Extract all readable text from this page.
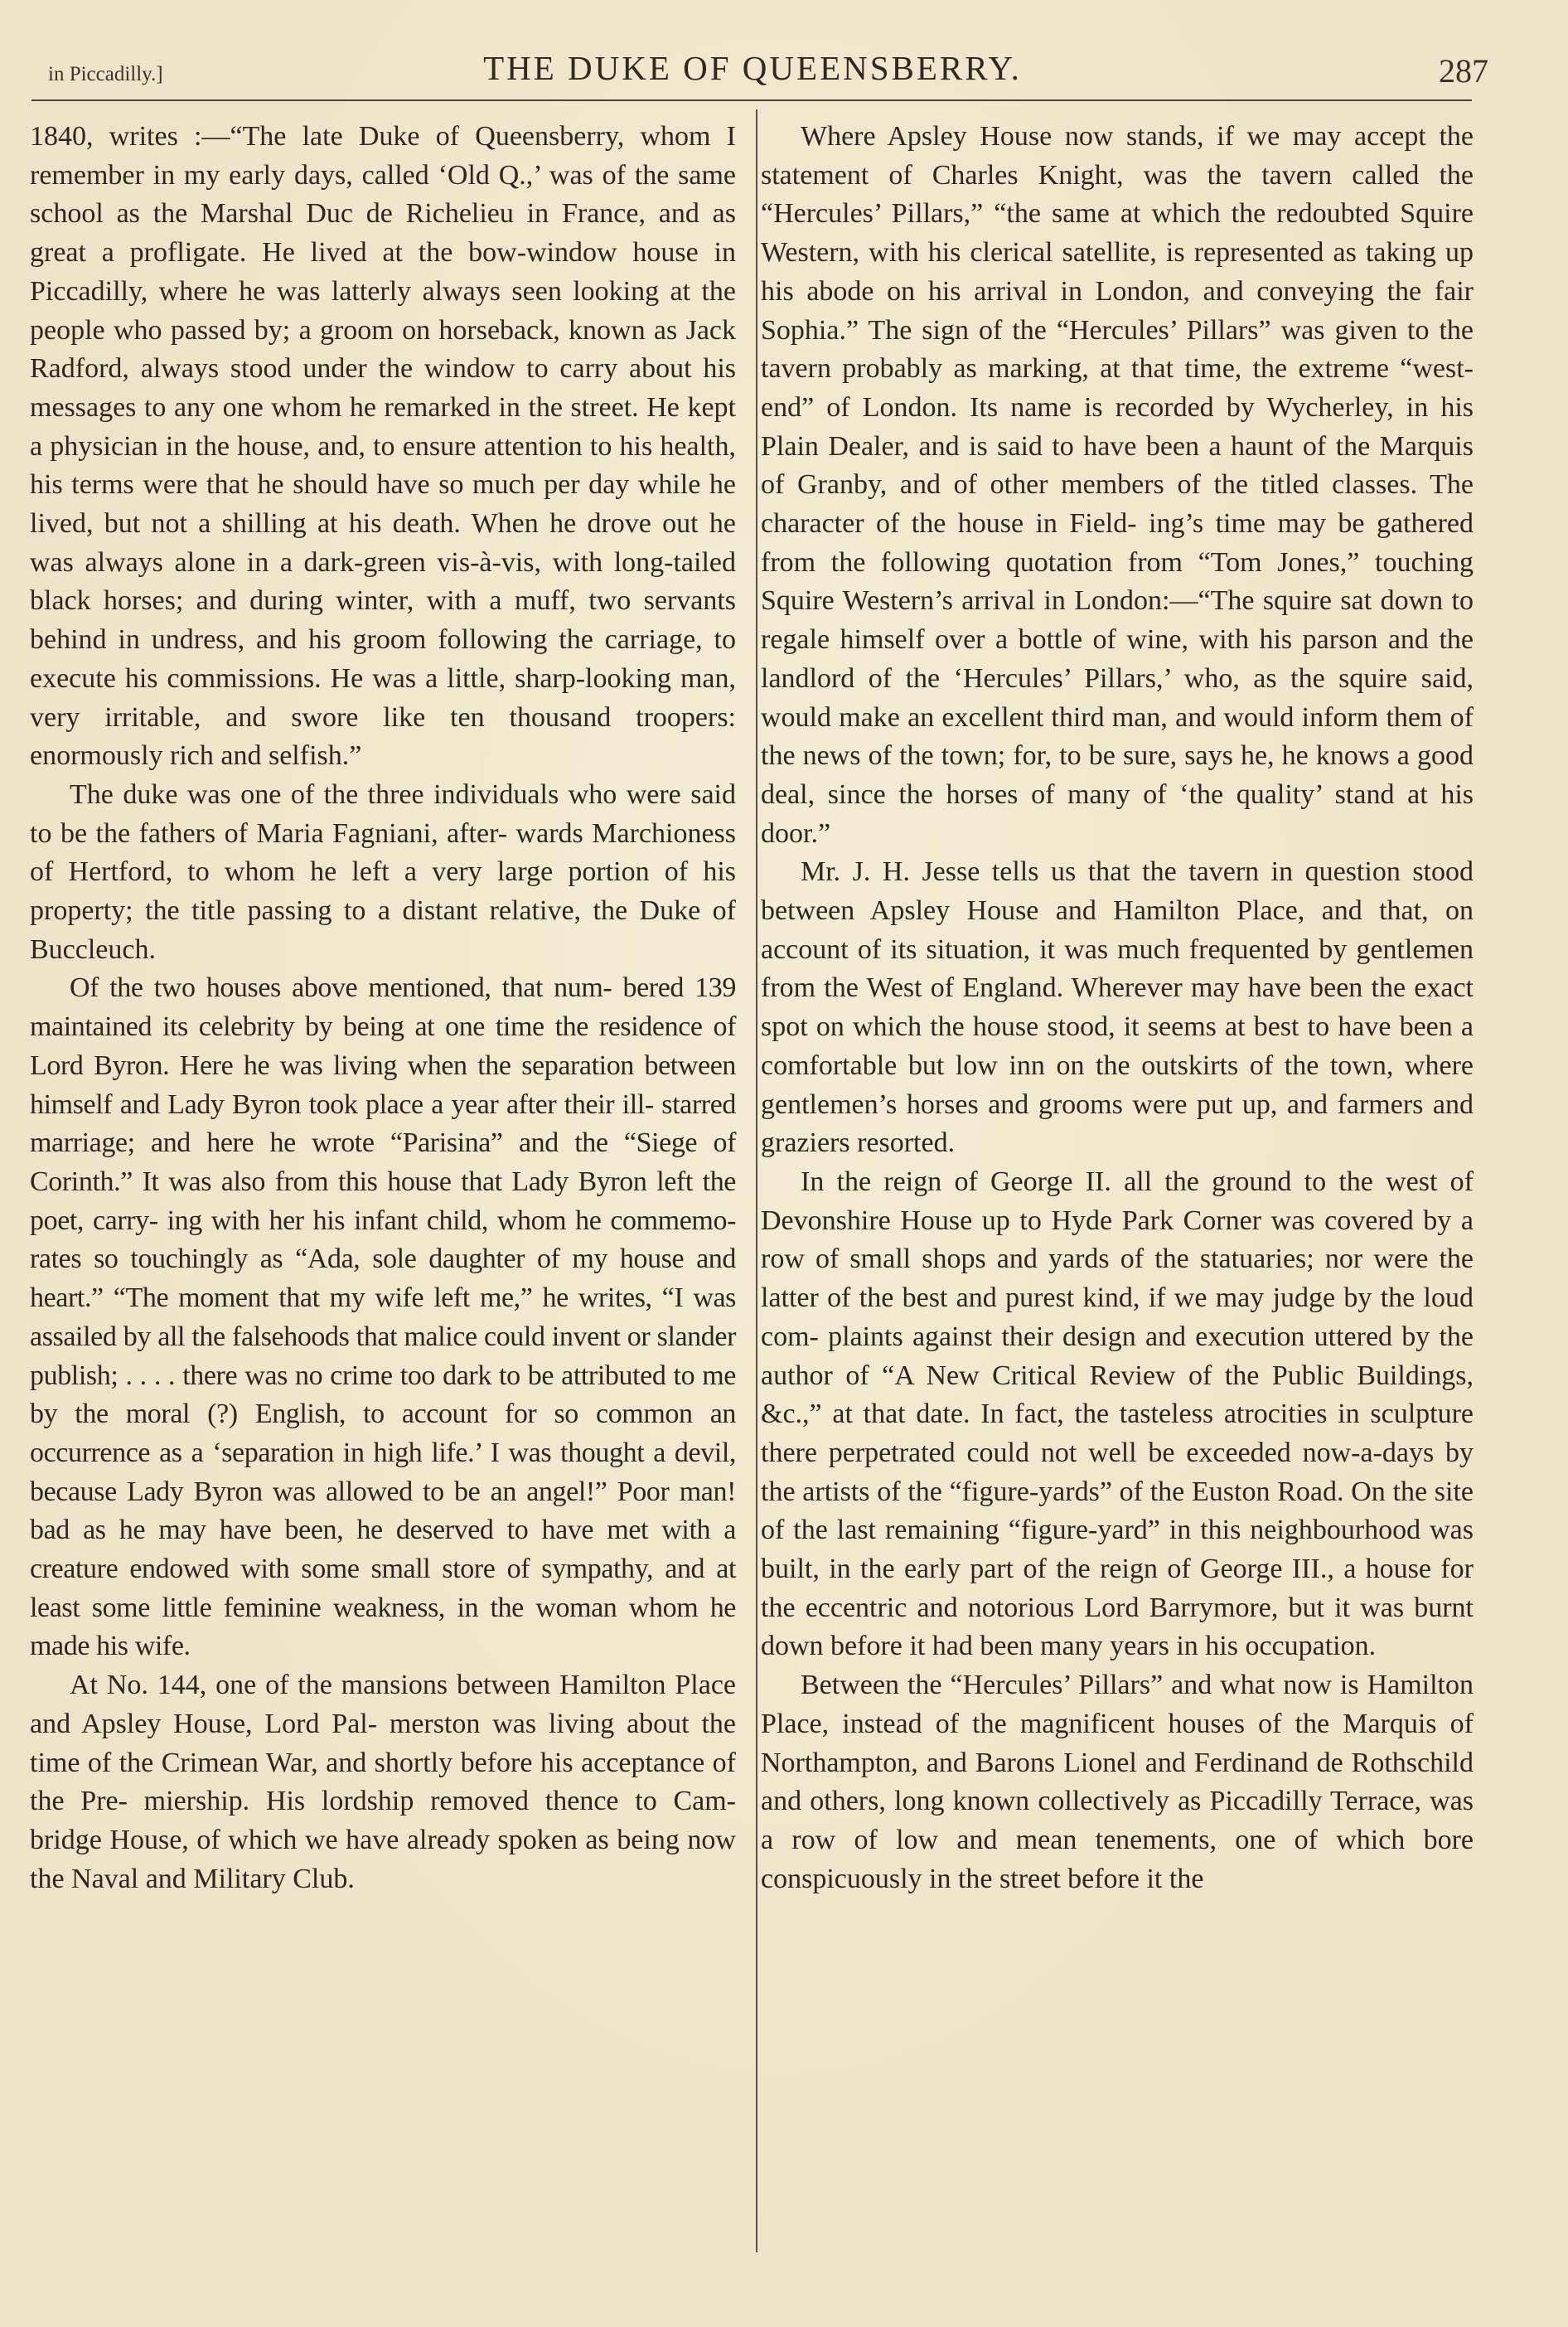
in Piccadilly.]	THE DUKE OF QUEENSBERRY.	287

1840, writes :—“The late Duke of Queensberry, whom I remember in my early days, called ‘Old Q.,’ was of the same school as the Marshal Duc de Richelieu in France, and as great a profligate. He lived at the bow-window house in Piccadilly, where he was latterly always seen looking at the people who passed by; a groom on horseback, known as Jack Radford, always stood under the window to carry about his messages to any one whom he remarked in the street. He kept a physician in the house, and, to ensure attention to his health, his terms were that he should have so much per day while he lived, but not a shilling at his death. When he drove out he was always alone in a dark-green vis-à-vis, with long-tailed black horses; and during winter, with a muff, two servants behind in undress, and his groom following the carriage, to execute his commissions. He was a little, sharp-looking man, very irritable, and swore like ten thousand troopers: enormously rich and selfish.”

The duke was one of the three individuals who were said to be the fathers of Maria Fagniani, after- wards Marchioness of Hertford, to whom he left a very large portion of his property; the title passing to a distant relative, the Duke of Buccleuch.

Of the two houses above mentioned, that num- bered 139 maintained its celebrity by being at one time the residence of Lord Byron. Here he was living when the separation between himself and Lady Byron took place a year after their ill- starred marriage; and here he wrote “Parisina” and the “Siege of Corinth.” It was also from this house that Lady Byron left the poet, carry- ing with her his infant child, whom he commemo- rates so touchingly as “Ada, sole daughter of my house and heart.” “The moment that my wife left me,” he writes, “I was assailed by all the falsehoods that malice could invent or slander publish; . . . . there was no crime too dark to be attributed to me by the moral (?) English, to account for so common an occurrence as a ‘separation in high life.’ I was thought a devil, because Lady Byron was allowed to be an angel!” Poor man! bad as he may have been, he deserved to have met with a creature endowed with some small store of sympathy, and at least some little feminine weakness, in the woman whom he made his wife.

At No. 144, one of the mansions between Hamilton Place and Apsley House, Lord Pal- merston was living about the time of the Crimean War, and shortly before his acceptance of the Pre- miership. His lordship removed thence to Cam- bridge House, of which we have already spoken as being now the Naval and Military Club.

Where Apsley House now stands, if we may accept the statement of Charles Knight, was the tavern called the “Hercules’ Pillars,” “the same at which the redoubted Squire Western, with his clerical satellite, is represented as taking up his abode on his arrival in London, and conveying the fair Sophia.” The sign of the “Hercules’ Pillars” was given to the tavern probably as marking, at that time, the extreme “west-end” of London. Its name is recorded by Wycherley, in his Plain Dealer, and is said to have been a haunt of the Marquis of Granby, and of other members of the titled classes. The character of the house in Field- ing’s time may be gathered from the following quotation from “Tom Jones,” touching Squire Western’s arrival in London:—“The squire sat down to regale himself over a bottle of wine, with his parson and the landlord of the ‘Hercules’ Pillars,’ who, as the squire said, would make an excellent third man, and would inform them of the news of the town; for, to be sure, says he, he knows a good deal, since the horses of many of ‘the quality’ stand at his door.”

Mr. J. H. Jesse tells us that the tavern in question stood between Apsley House and Hamilton Place, and that, on account of its situation, it was much frequented by gentlemen from the West of England. Wherever may have been the exact spot on which the house stood, it seems at best to have been a comfortable but low inn on the outskirts of the town, where gentlemen’s horses and grooms were put up, and farmers and graziers resorted.

In the reign of George II. all the ground to the west of Devonshire House up to Hyde Park Corner was covered by a row of small shops and yards of the statuaries; nor were the latter of the best and purest kind, if we may judge by the loud com- plaints against their design and execution uttered by the author of “A New Critical Review of the Public Buildings, &c.,” at that date. In fact, the tasteless atrocities in sculpture there perpetrated could not well be exceeded now-a-days by the artists of the “figure-yards” of the Euston Road. On the site of the last remaining “figure-yard” in this neighbourhood was built, in the early part of the reign of George III., a house for the eccentric and notorious Lord Barrymore, but it was burnt down before it had been many years in his occupation.

Between the “Hercules’ Pillars” and what now is Hamilton Place, instead of the magnificent houses of the Marquis of Northampton, and Barons Lionel and Ferdinand de Rothschild and others, long known collectively as Piccadilly Terrace, was a row of low and mean tenements, one of which bore conspicuously in the street before it the
